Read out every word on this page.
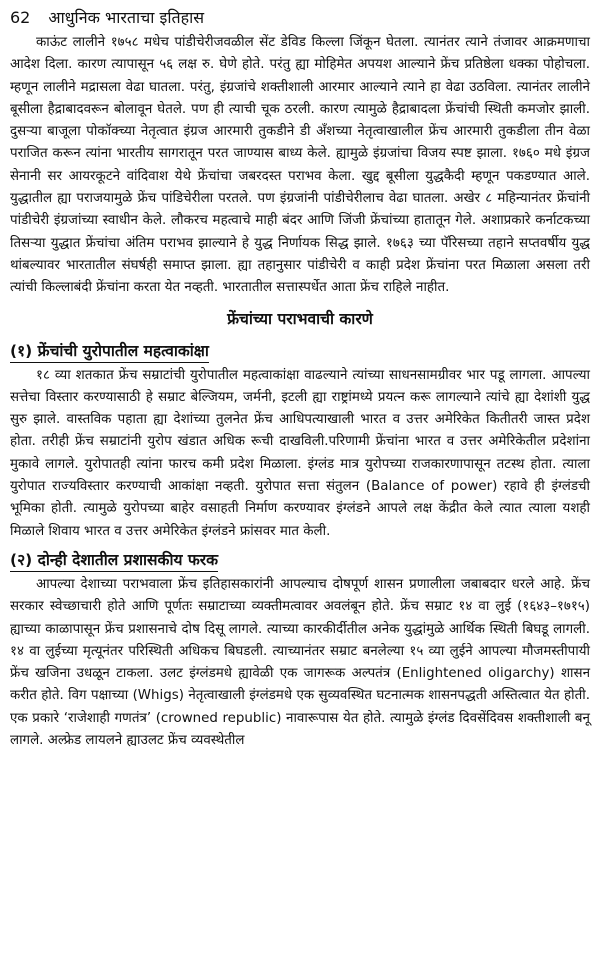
62 आधुनिक भारताचा इतिहास

काऊंट लालीने १७५८ मधेच पांडीचेरीजवळील सेंट डेविड किल्ला जिंकून घेतला. त्यानंतर त्याने तंजावर आक्रमणाचा आदेश दिला. कारण त्यापासून ५६ लक्ष रु. घेणे होते. परंतु ह्या मोहिमेत अपयश आल्याने फ्रेंच प्रतिष्ठेला धक्का पोहोचला. म्हणून लालीने मद्रासला वेढा घातला. परंतु, इंग्रजांचे शक्तीशाली आरमार आल्याने त्याने हा वेढा उठविला. त्यानंतर लालीने बूसीला हैद्राबादवरून बोलावून घेतले. पण ही त्याची चूक ठरली. कारण त्यामुळे हैद्राबादला फ्रेंचांची स्थिती कमजोर झाली. दुसऱ्या बाजूला पोकॉक्च्या नेतृत्वात इंग्रज आरमारी तुकडीने डी अँशच्या नेतृत्वाखालील फ्रेंच आरमारी तुकडीला तीन वेळा पराजित करून त्यांना भारतीय सागरातून परत जाण्यास बाध्य केले. ह्यामुळे इंग्रजांचा विजय स्पष्ट झाला. १७६० मधे इंग्रज सेनानी सर आयरकूटने वांदिवाश येथे फ्रेंचांचा जबरदस्त पराभव केला. खुद्द बूसीला युद्धकैदी म्हणून पकडण्यात आले. युद्धातील ह्या पराजयामुळे फ्रेंच पांडिचेरीला परतले. पण इंग्रजांनी पांडीचेरीलाच वेढा घातला. अखेर ८ महिन्यानंतर फ्रेंचांनी पांडीचेरी इंग्रजांच्या स्वाधीन केले. लौकरच महत्वाचे माही बंदर आणि जिंजी फ्रेंचांच्या हातातून गेले. अशाप्रकारे कर्नाटकच्या तिसऱ्या युद्धात फ्रेंचांचा अंतिम पराभव झाल्याने हे युद्ध निर्णायक सिद्ध झाले. १७६३ च्या पॅरिसच्या तहाने सप्तवर्षीय युद्ध थांबल्यावर भारतातील संघर्षही समाप्त झाला. ह्या तहानुसार पांडीचेरी व काही प्रदेश फ्रेंचांना परत मिळाला असला तरी त्यांची किल्लाबंदी फ्रेंचांना करता येत नव्हती. भारतातील सत्तास्पर्धेत आता फ्रेंच राहिले नाहीत.

फ्रेंचांच्या पराभवाची कारणे
(१) फ्रेंचांची युरोपातील महत्वाकांक्षा

१८ व्या शतकात फ्रेंच सम्राटांची युरोपातील महत्वाकांक्षा वाढल्याने त्यांच्या साधनसामग्रीवर भार पडू लागला. आपल्या सत्तेचा विस्तार करण्यासाठी हे सम्राट बेल्जियम, जर्मनी, इटली ह्या राष्ट्रांमध्ये प्रयत्न करू लागल्याने त्यांचे ह्या देशांशी युद्ध सुरु झाले. वास्तविक पहाता ह्या देशांच्या तुलनेत फ्रेंच आधिपत्याखाली भारत व उत्तर अमेरिकेत कितीतरी जास्त प्रदेश होता. तरीही फ्रेंच सम्राटांनी युरोप खंडात अधिक रूची दाखविली.परिणामी फ्रेंचांना भारत व उत्तर अमेरिकेतील प्रदेशांना मुकावे लागले. युरोपातही त्यांना फारच कमी प्रदेश मिळाला. इंग्लंड मात्र युरोपच्या राजकारणापासून तटस्थ होता. त्याला युरोपात राज्यविस्तार करण्याची आकांक्षा नव्हती. युरोपात सत्ता संतुलन (Balance of power) रहावे ही इंग्लंडची भूमिका होती. त्यामुळे युरोपच्या बाहेर वसाहती निर्माण करण्यावर इंग्लंडने आपले लक्ष केंद्रीत केले त्यात त्याला यशही मिळाले शिवाय भारत व उत्तर अमेरिकेत इंग्लंडने फ्रांसवर मात केली.

(२) दोन्ही देशातील प्रशासकीय फरक

आपल्या देशाच्या पराभवाला फ्रेंच इतिहासकारांनी आपल्याच दोषपूर्ण शासन प्रणालीला जबाबदार धरले आहे. फ्रेंच सरकार स्वेच्छाचारी होते आणि पूर्णतः सम्राटाच्या व्यक्तीमत्वावर अवलंबून होते. फ्रेंच सम्राट १४ वा लुई (१६४३–१७१५) ह्याच्या काळापासून फ्रेंच प्रशासनाचे दोष दिसू लागले. त्याच्या कारकीर्दीतील अनेक युद्धांमुळे आर्थिक स्थिती बिघडू लागली. १४ वा लुईच्या मृत्यूनंतर परिस्थिती अधिकच बिघडली. त्याच्यानंतर सम्राट बनलेल्या १५ व्या लुईने आपल्या मौजमस्तीपायी फ्रेंच खजिना उधळून टाकला. उलट इंग्लंडमधे ह्यावेळी एक जागरूक अल्पतंत्र (Enlightened oligarchy) शासन करीत होते. विग पक्षाच्या (Whigs) नेतृत्वाखाली इंग्लंडमधे एक सुव्यवस्थित घटनात्मक शासनपद्धती अस्तित्वात येत होती. एक प्रकारे ‘राजेशाही गणतंत्र’ (crowned republic) नावारूपास येत होते. त्यामुळे इंग्लंड दिवसेंदिवस शक्तीशाली बनू लागले. अल्फ्रेड लायलने ह्याउलट फ्रेंच व्यवस्थेतील
